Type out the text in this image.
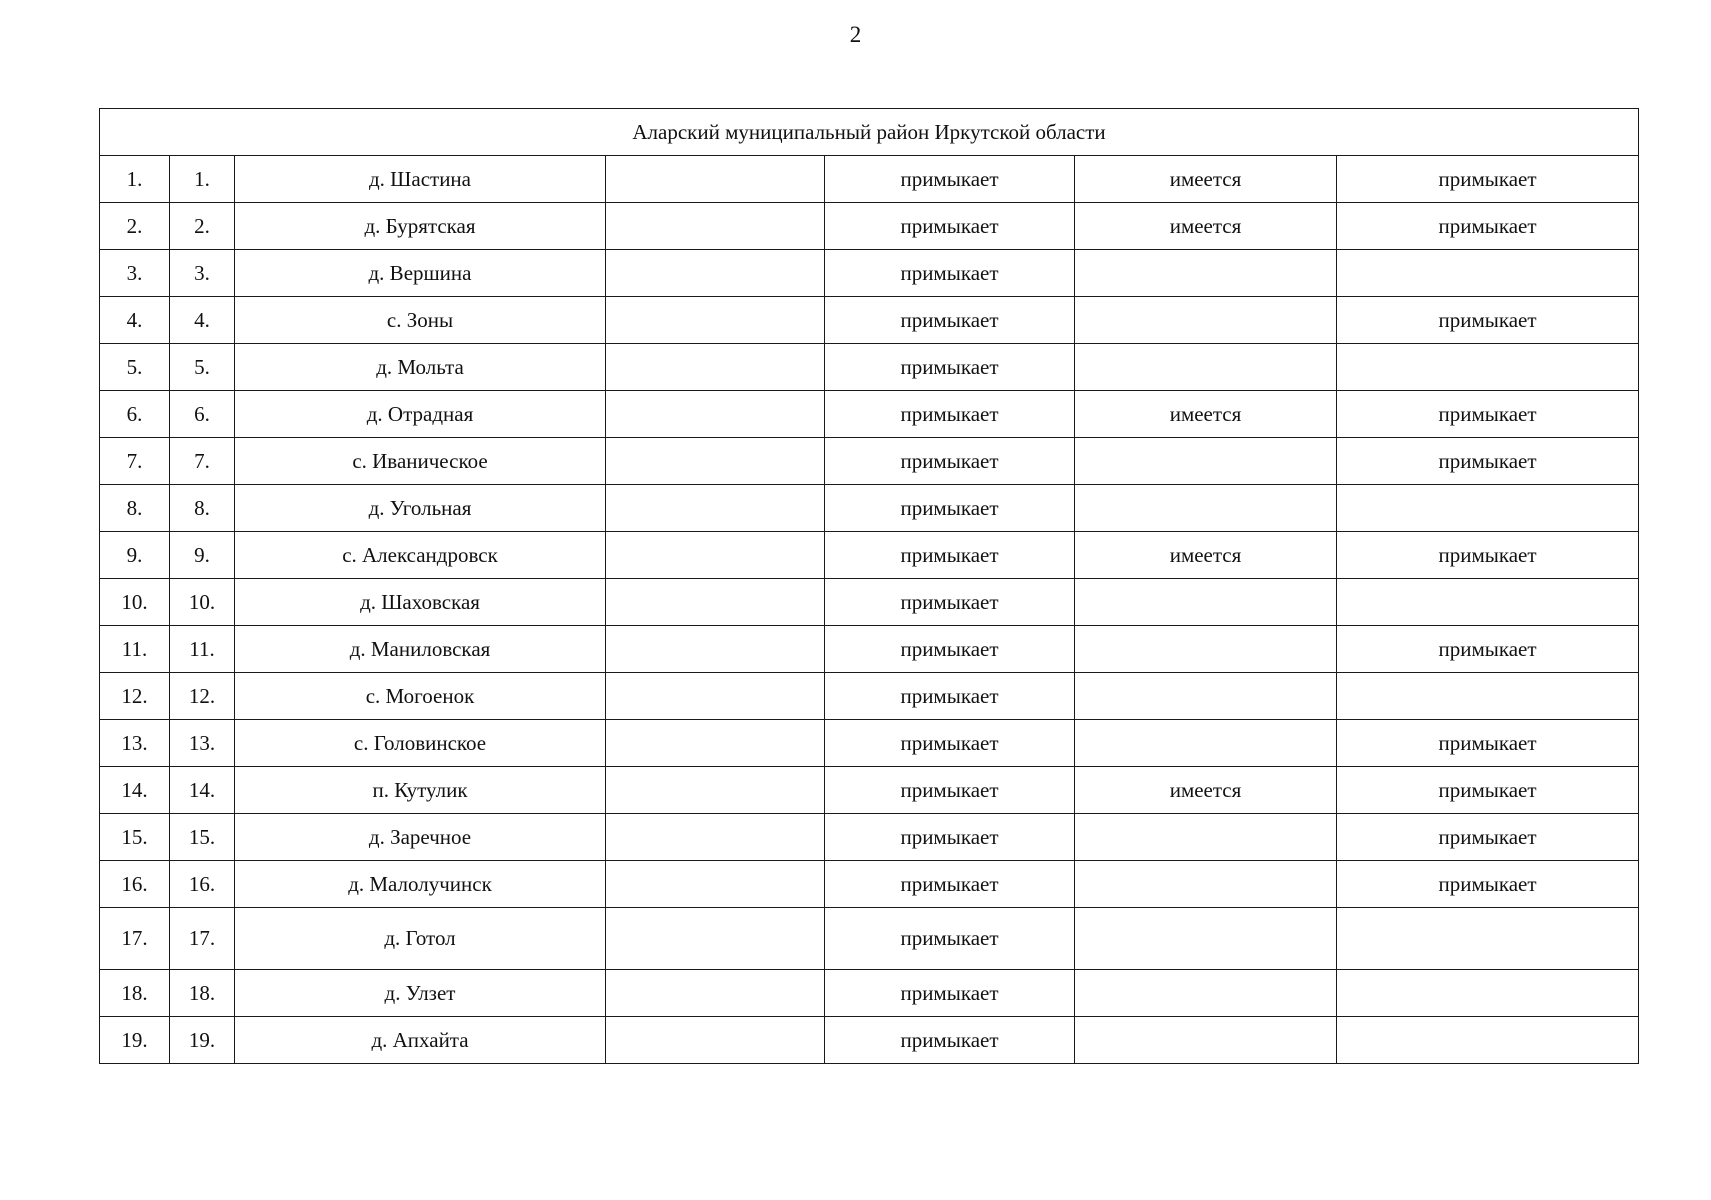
2
Аларский муниципальный район Иркутской области						
1.	1.	д. Шастина		примыкает	имеется	примыкает
2.	2.	д. Бурятская		примыкает	имеется	примыкает
3.	3.	д. Вершина		примыкает		
4.	4.	с. Зоны		примыкает		примыкает
5.	5.	д. Мольта		примыкает		
6.	6.	д. Отрадная		примыкает	имеется	примыкает
7.	7.	с. Иваническое		примыкает		примыкает
8.	8.	д. Угольная		примыкает		
9.	9.	с. Александровск		примыкает	имеется	примыкает
10.	10.	д. Шаховская		примыкает		
11.	11.	д. Маниловская		примыкает		примыкает
12.	12.	с. Могоенок		примыкает		
13.	13.	с. Головинское		примыкает		примыкает
14.	14.	п. Кутулик		примыкает	имеется	примыкает
15.	15.	д. Заречное		примыкает		примыкает
16.	16.	д. Малолучинск		примыкает		примыкает
17.	17.	д. Готол		примыкает		
18.	18.	д. Улзет		примыкает		
19.	19.	д. Апхайта		примыкает		
